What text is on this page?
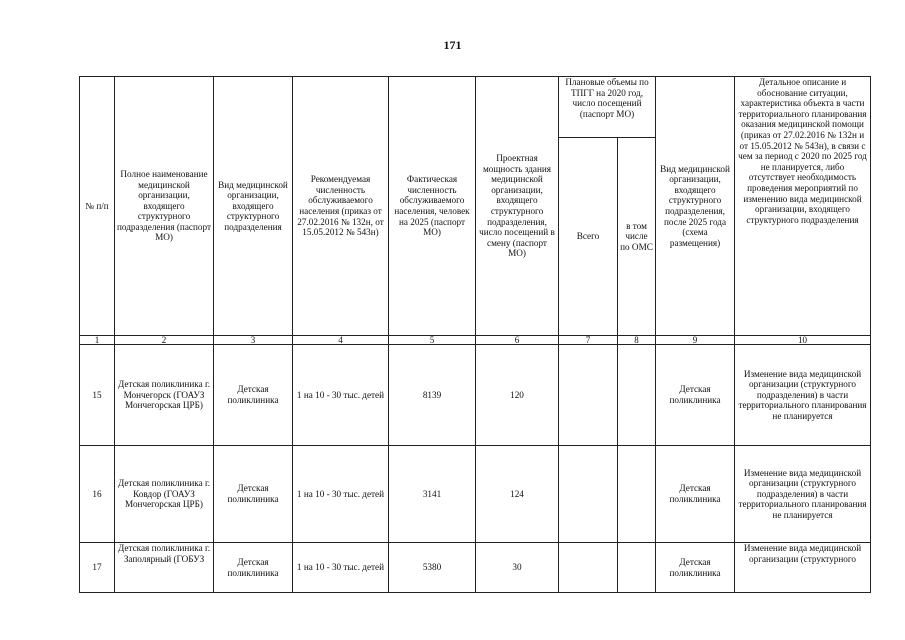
171
№ п/п	Полное наименование медицинской организации, входящего структурного подразделения (паспорт МО)	Вид медицинской организации, входящего структурного подразделения	Рекомендуемая численность обслуживаемого населения (приказ от 27.02.2016 № 132н, от 15.05.2012 № 543н)	Фактическая численность обслуживаемого населения, человек на 2025 (паспорт МО)	Проектная мощность здания медицинской организации, входящего структурного подразделения, число посещений в смену (паспорт МО)	Плановые объемы по ТПГГ на 2020 год, число посещений (паспорт МО)		Вид медицинской организации, входящего структурного подразделения, после 2025 года (схема размещения)	Детальное описание и обоснование ситуации, характеристика объекта в части территориального планирования оказания медицинской помощи (приказ от 27.02.2016 № 132н и от 15.05.2012 № 543н), в связи с чем за период с 2020 по 2025 год не планируется, либо отсутствует необходимость проведения мероприятий по изменению вида медицинской организации, входящего структурного подразделения
						Всего	в том числе по ОМС		
1	2	3	4	5	6	7	8	9	10
15	Детская поликлиника г. Мончегорск (ГОАУЗ Мончегорская ЦРБ)	Детская поликлиника	1 на 10 - 30 тыс. детей	8139	120			Детская поликлиника	Изменение вида медицинской организации (структурного подразделения) в части территориального планирования не планируется
16	Детская поликлиника г. Ковдор (ГОАУЗ Мончегорская ЦРБ)	Детская поликлиника	1 на 10 - 30 тыс. детей	3141	124			Детская поликлиника	Изменение вида медицинской организации (структурного подразделения) в части территориального планирования не планируется
17	Детская поликлиника г. Заполярный (ГОБУЗ	Детская поликлиника	1 на 10 - 30 тыс. детей	5380	30			Детская поликлиника	Изменение вида медицинской организации (структурного
